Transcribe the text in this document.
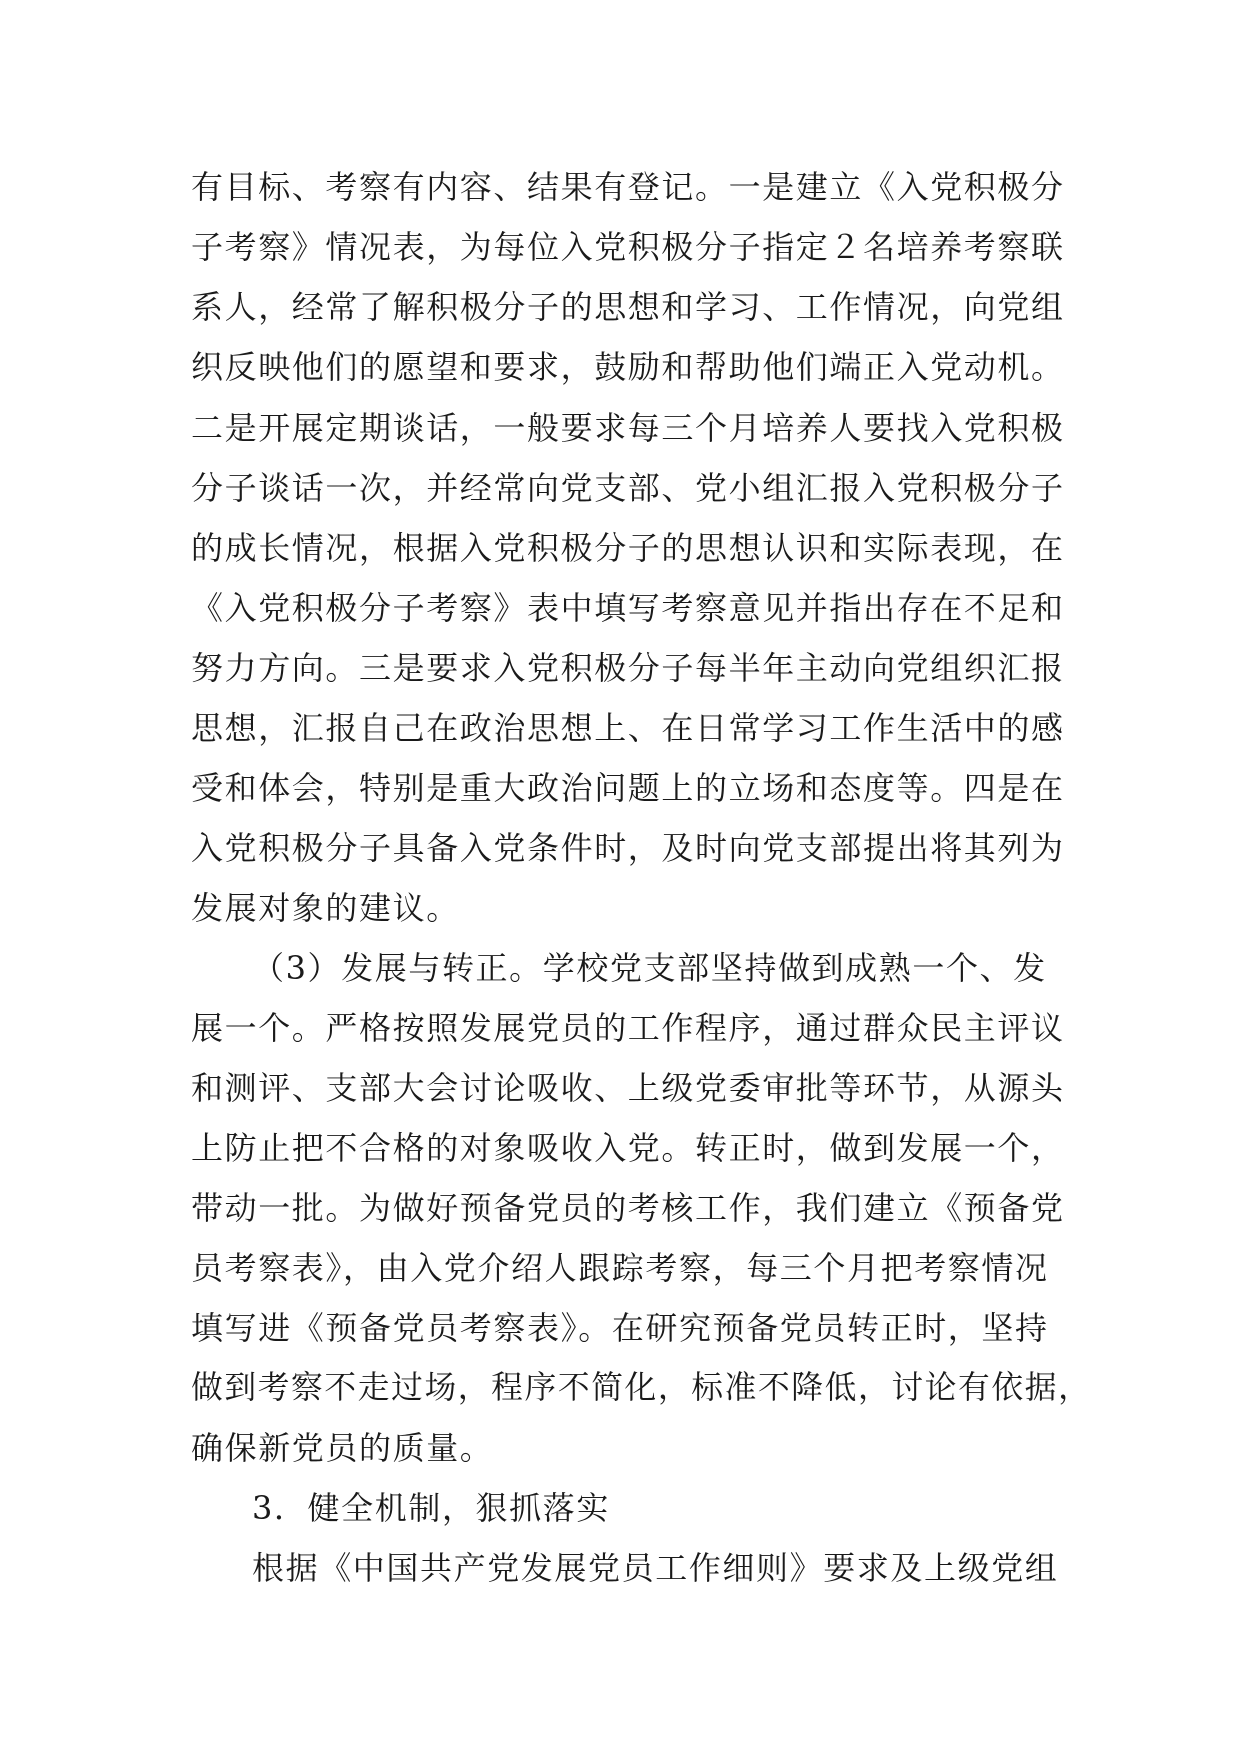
有目标、考察有内容、结果有登记。一是建立《入党积极分
子考察》情况表，为每位入党积极分子指定２名培养考察联
系人，经常了解积极分子的思想和学习、工作情况，向党组
织反映他们的愿望和要求，鼓励和帮助他们端正入党动机。
二是开展定期谈话，一般要求每三个月培养人要找入党积极
分子谈话一次，并经常向党支部、党小组汇报入党积极分子
的成长情况，根据入党积极分子的思想认识和实际表现，在
《入党积极分子考察》表中填写考察意见并指出存在不足和
努力方向。三是要求入党积极分子每半年主动向党组织汇报
思想，汇报自己在政治思想上、在日常学习工作生活中的感
受和体会，特别是重大政治问题上的立场和态度等。四是在
入党积极分子具备入党条件时，及时向党支部提出将其列为
发展对象的建议。
（3）发展与转正。学校党支部坚持做到成熟一个、发
展一个。严格按照发展党员的工作程序，通过群众民主评议
和测评、支部大会讨论吸收、上级党委审批等环节，从源头
上防止把不合格的对象吸收入党。转正时，做到发展一个，
带动一批。为做好预备党员的考核工作，我们建立《预备党
员考察表》，由入党介绍人跟踪考察，每三个月把考察情况
填写进《预备党员考察表》。在研究预备党员转正时，坚持
做到考察不走过场，程序不简化，标准不降低，讨论有依据，
确保新党员的质量。
3．健全机制，狠抓落实
根据《中国共产党发展党员工作细则》要求及上级党组
